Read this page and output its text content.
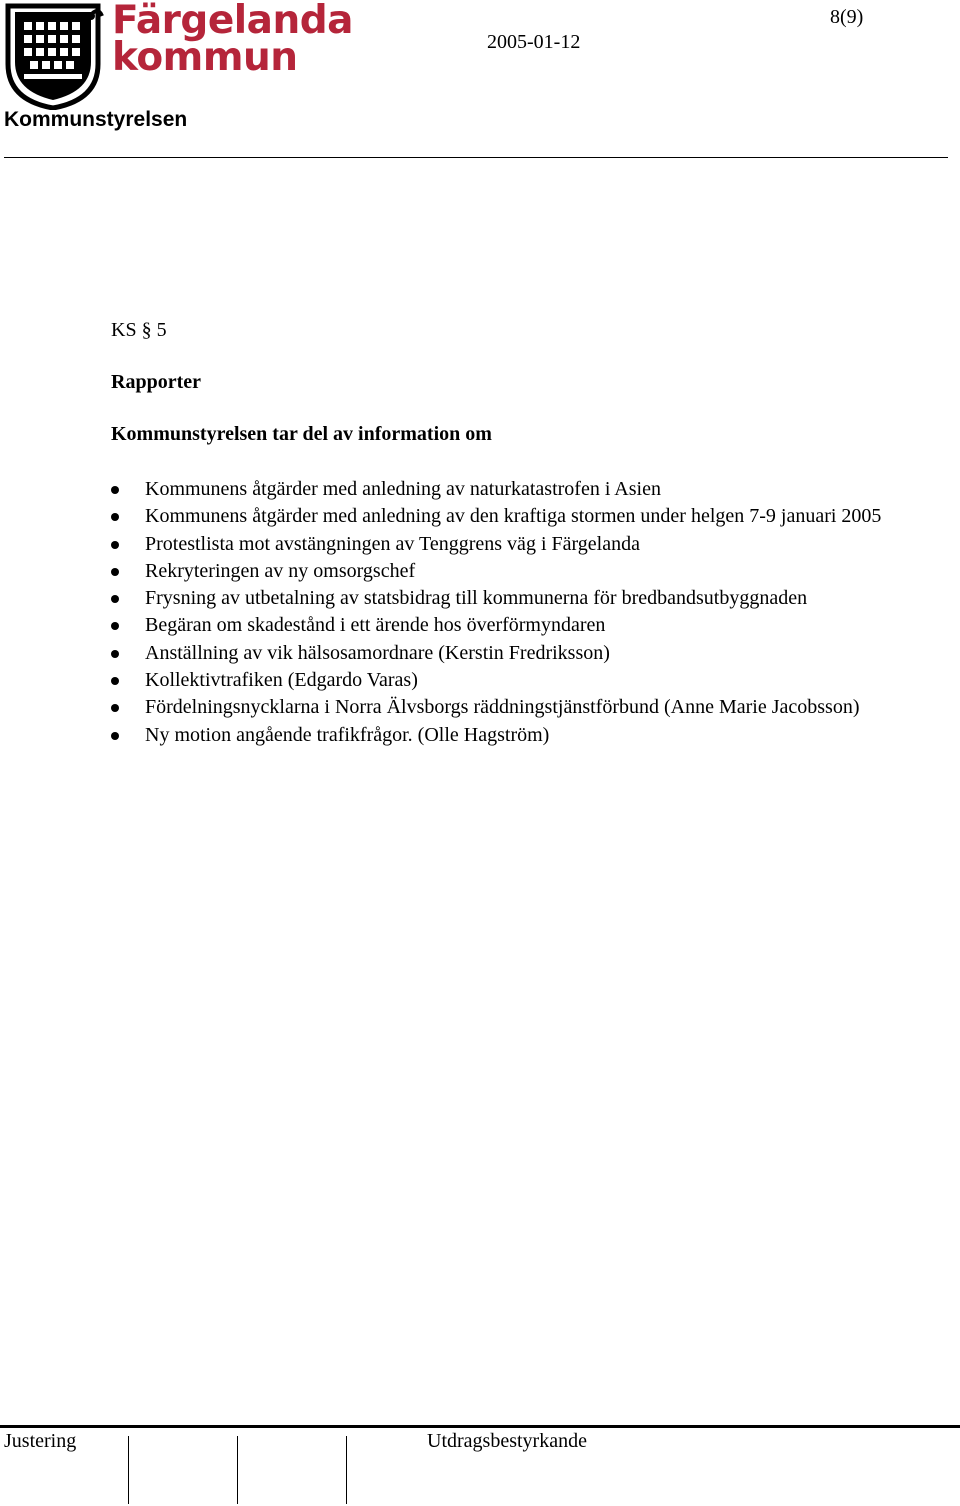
Färgelanda
kommun
Kommunstyrelsen
8(9)
2005-01-12
KS § 5
Rapporter
Kommunstyrelsen tar del av information om
Kommunens åtgärder med anledning av naturkatastrofen i Asien
Kommunens åtgärder med anledning av den kraftiga stormen under helgen 7-9 januari 2005
Protestlista mot avstängningen av Tenggrens väg i Färgelanda
Rekryteringen av ny omsorgschef
Frysning av utbetalning av statsbidrag till kommunerna för bredbandsutbyggnaden
Begäran om skadestånd i ett ärende hos överförmyndaren
Anställning av vik hälsosamordnare (Kerstin Fredriksson)
Kollektivtrafiken (Edgardo Varas)
Fördelningsnycklarna i Norra Älvsborgs räddningstjänstförbund (Anne Marie Jacobsson)
Ny motion angående trafikfrågor. (Olle Hagström)
Justering	Utdragsbestyrkande
